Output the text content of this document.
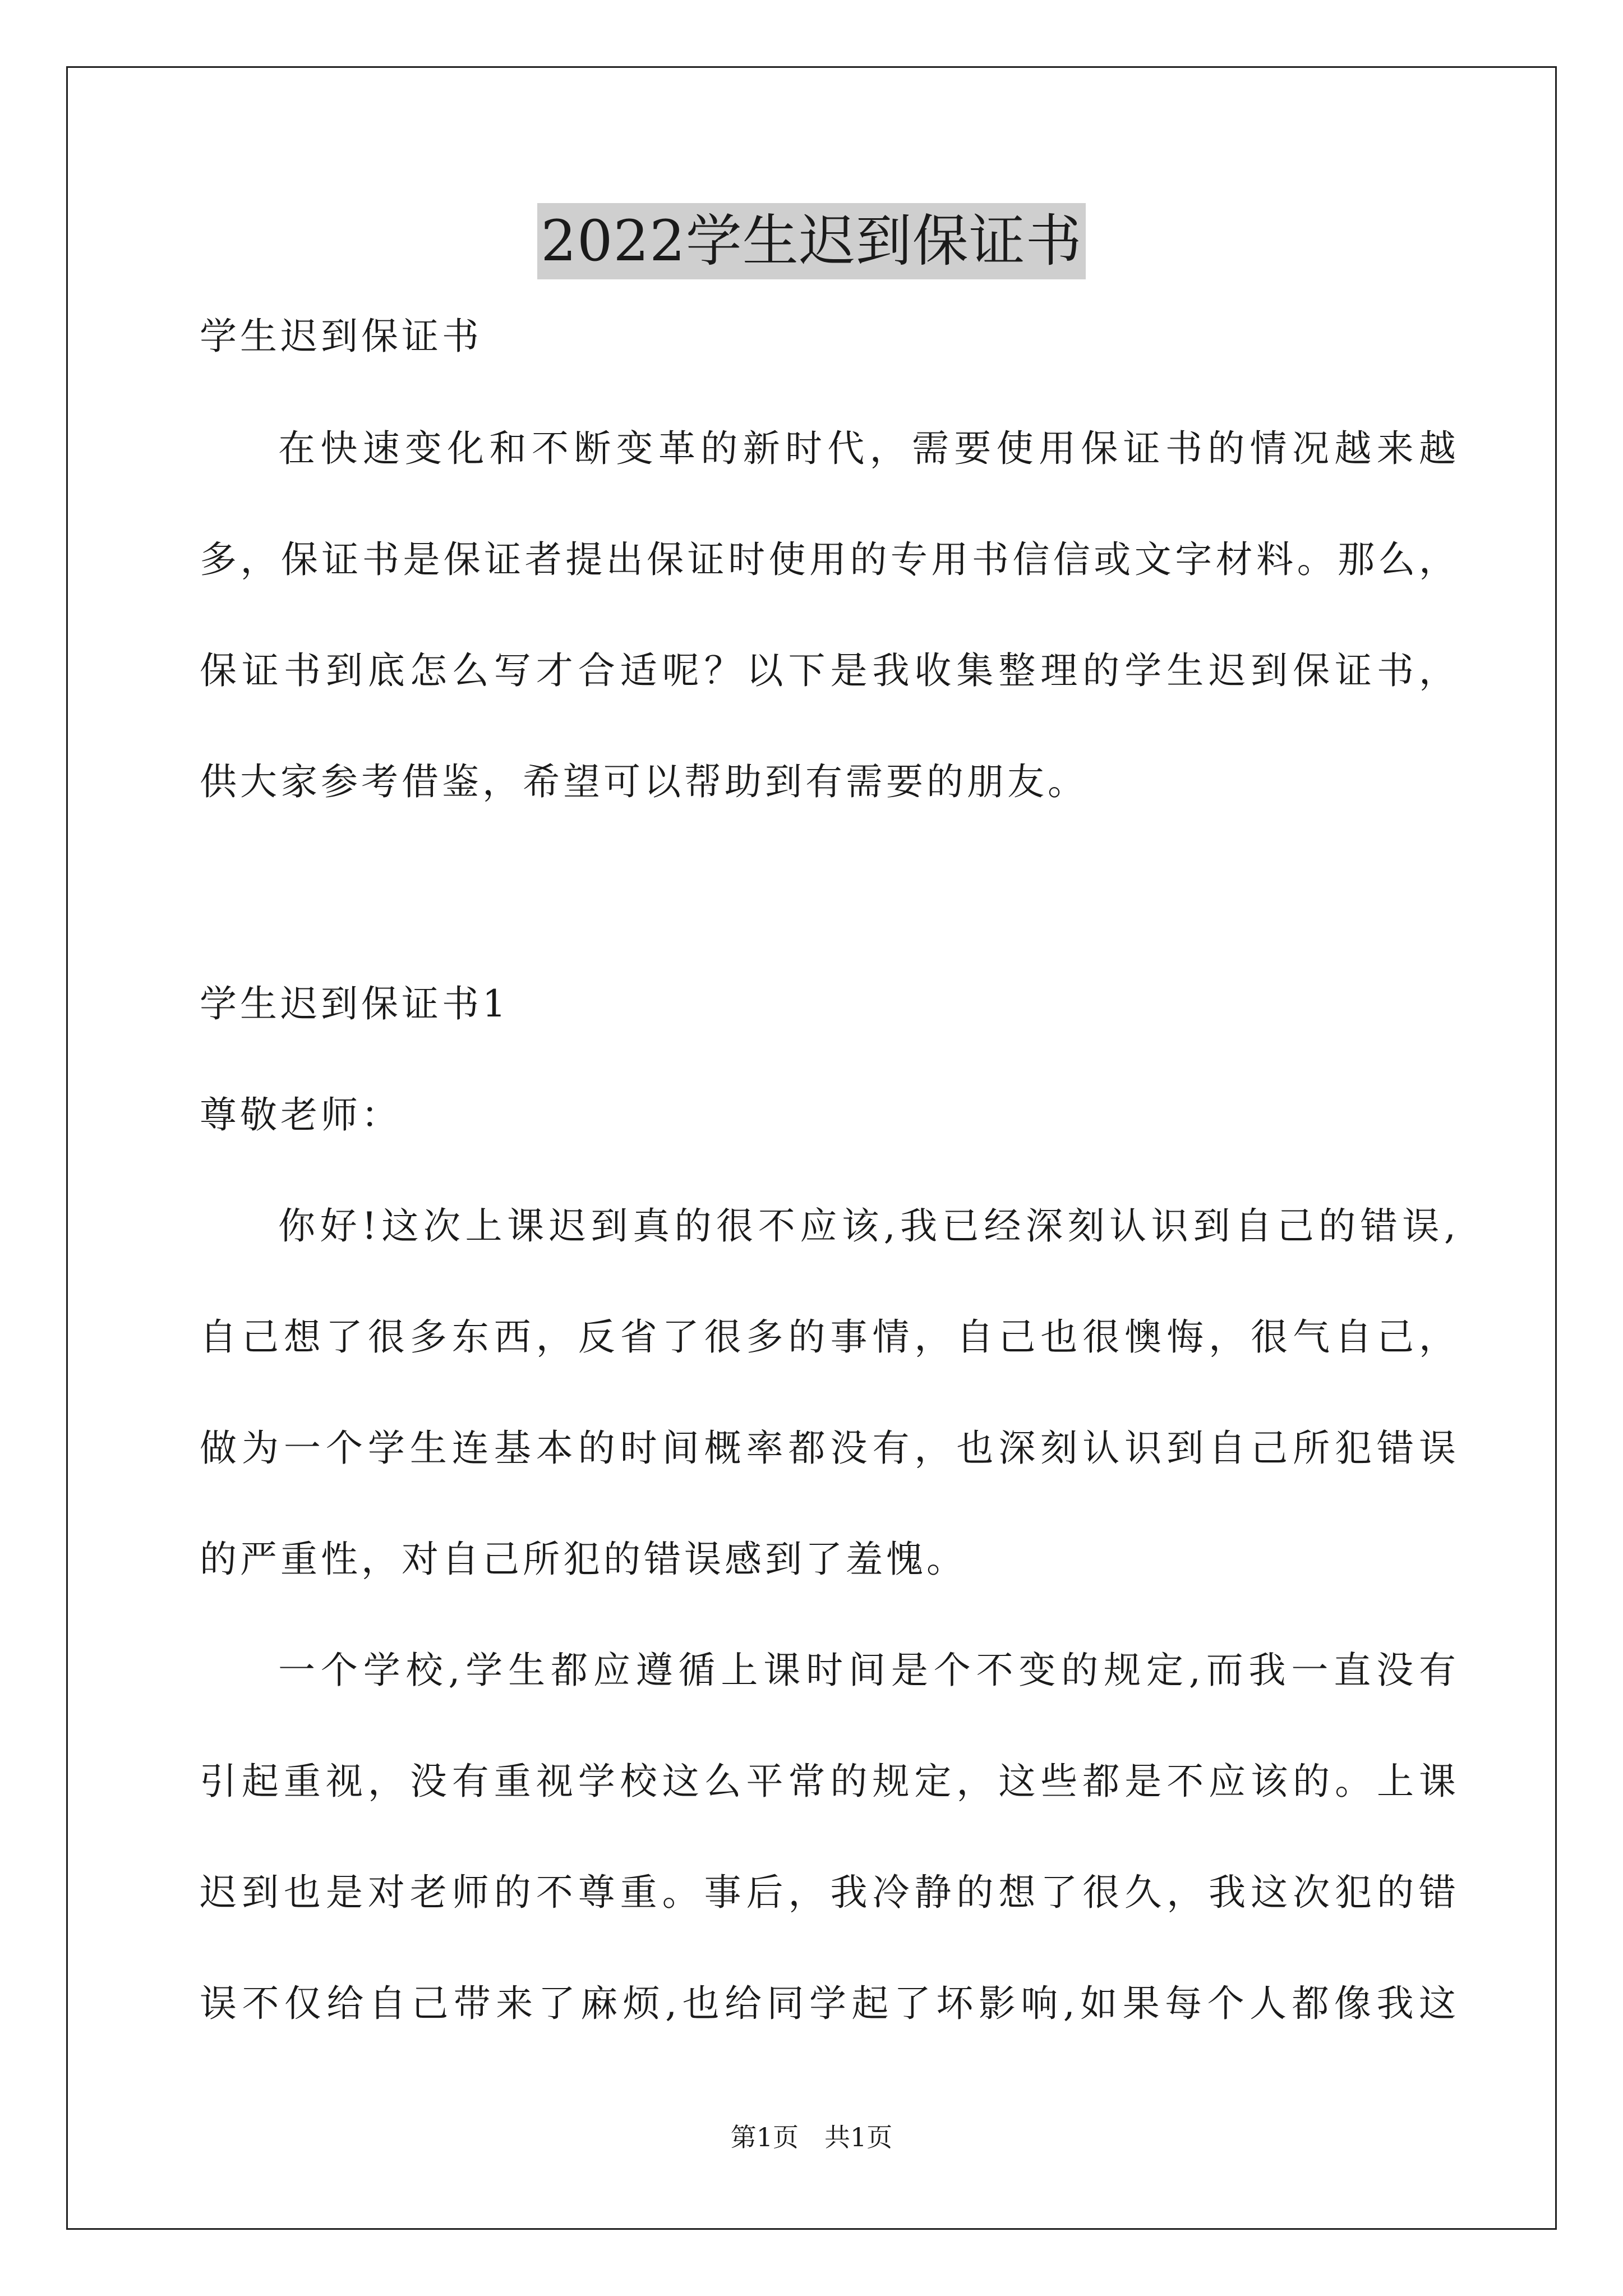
2022学生迟到保证书
学生迟到保证书
在快速变化和不断变革的新时代，需要使用保证书的情况越来越
多，保证书是保证者提出保证时使用的专用书信信或文字材料。那么，
保证书到底怎么写才合适呢？以下是我收集整理的学生迟到保证书，
供大家参考借鉴，希望可以帮助到有需要的朋友。
学生迟到保证书1
尊敬老师：
你好!这次上课迟到真的很不应该,我已经深刻认识到自己的错误,
自己想了很多东西，反省了很多的事情，自己也很懊悔，很气自己，
做为一个学生连基本的时间概率都没有，也深刻认识到自己所犯错误
的严重性，对自己所犯的错误感到了羞愧。
一个学校,学生都应遵循上课时间是个不变的规定,而我一直没有
引起重视，没有重视学校这么平常的规定，这些都是不应该的。上课
迟到也是对老师的不尊重。事后，我冷静的想了很久，我这次犯的错
误不仅给自己带来了麻烦,也给同学起了坏影响,如果每个人都像我这
第1页 共1页
